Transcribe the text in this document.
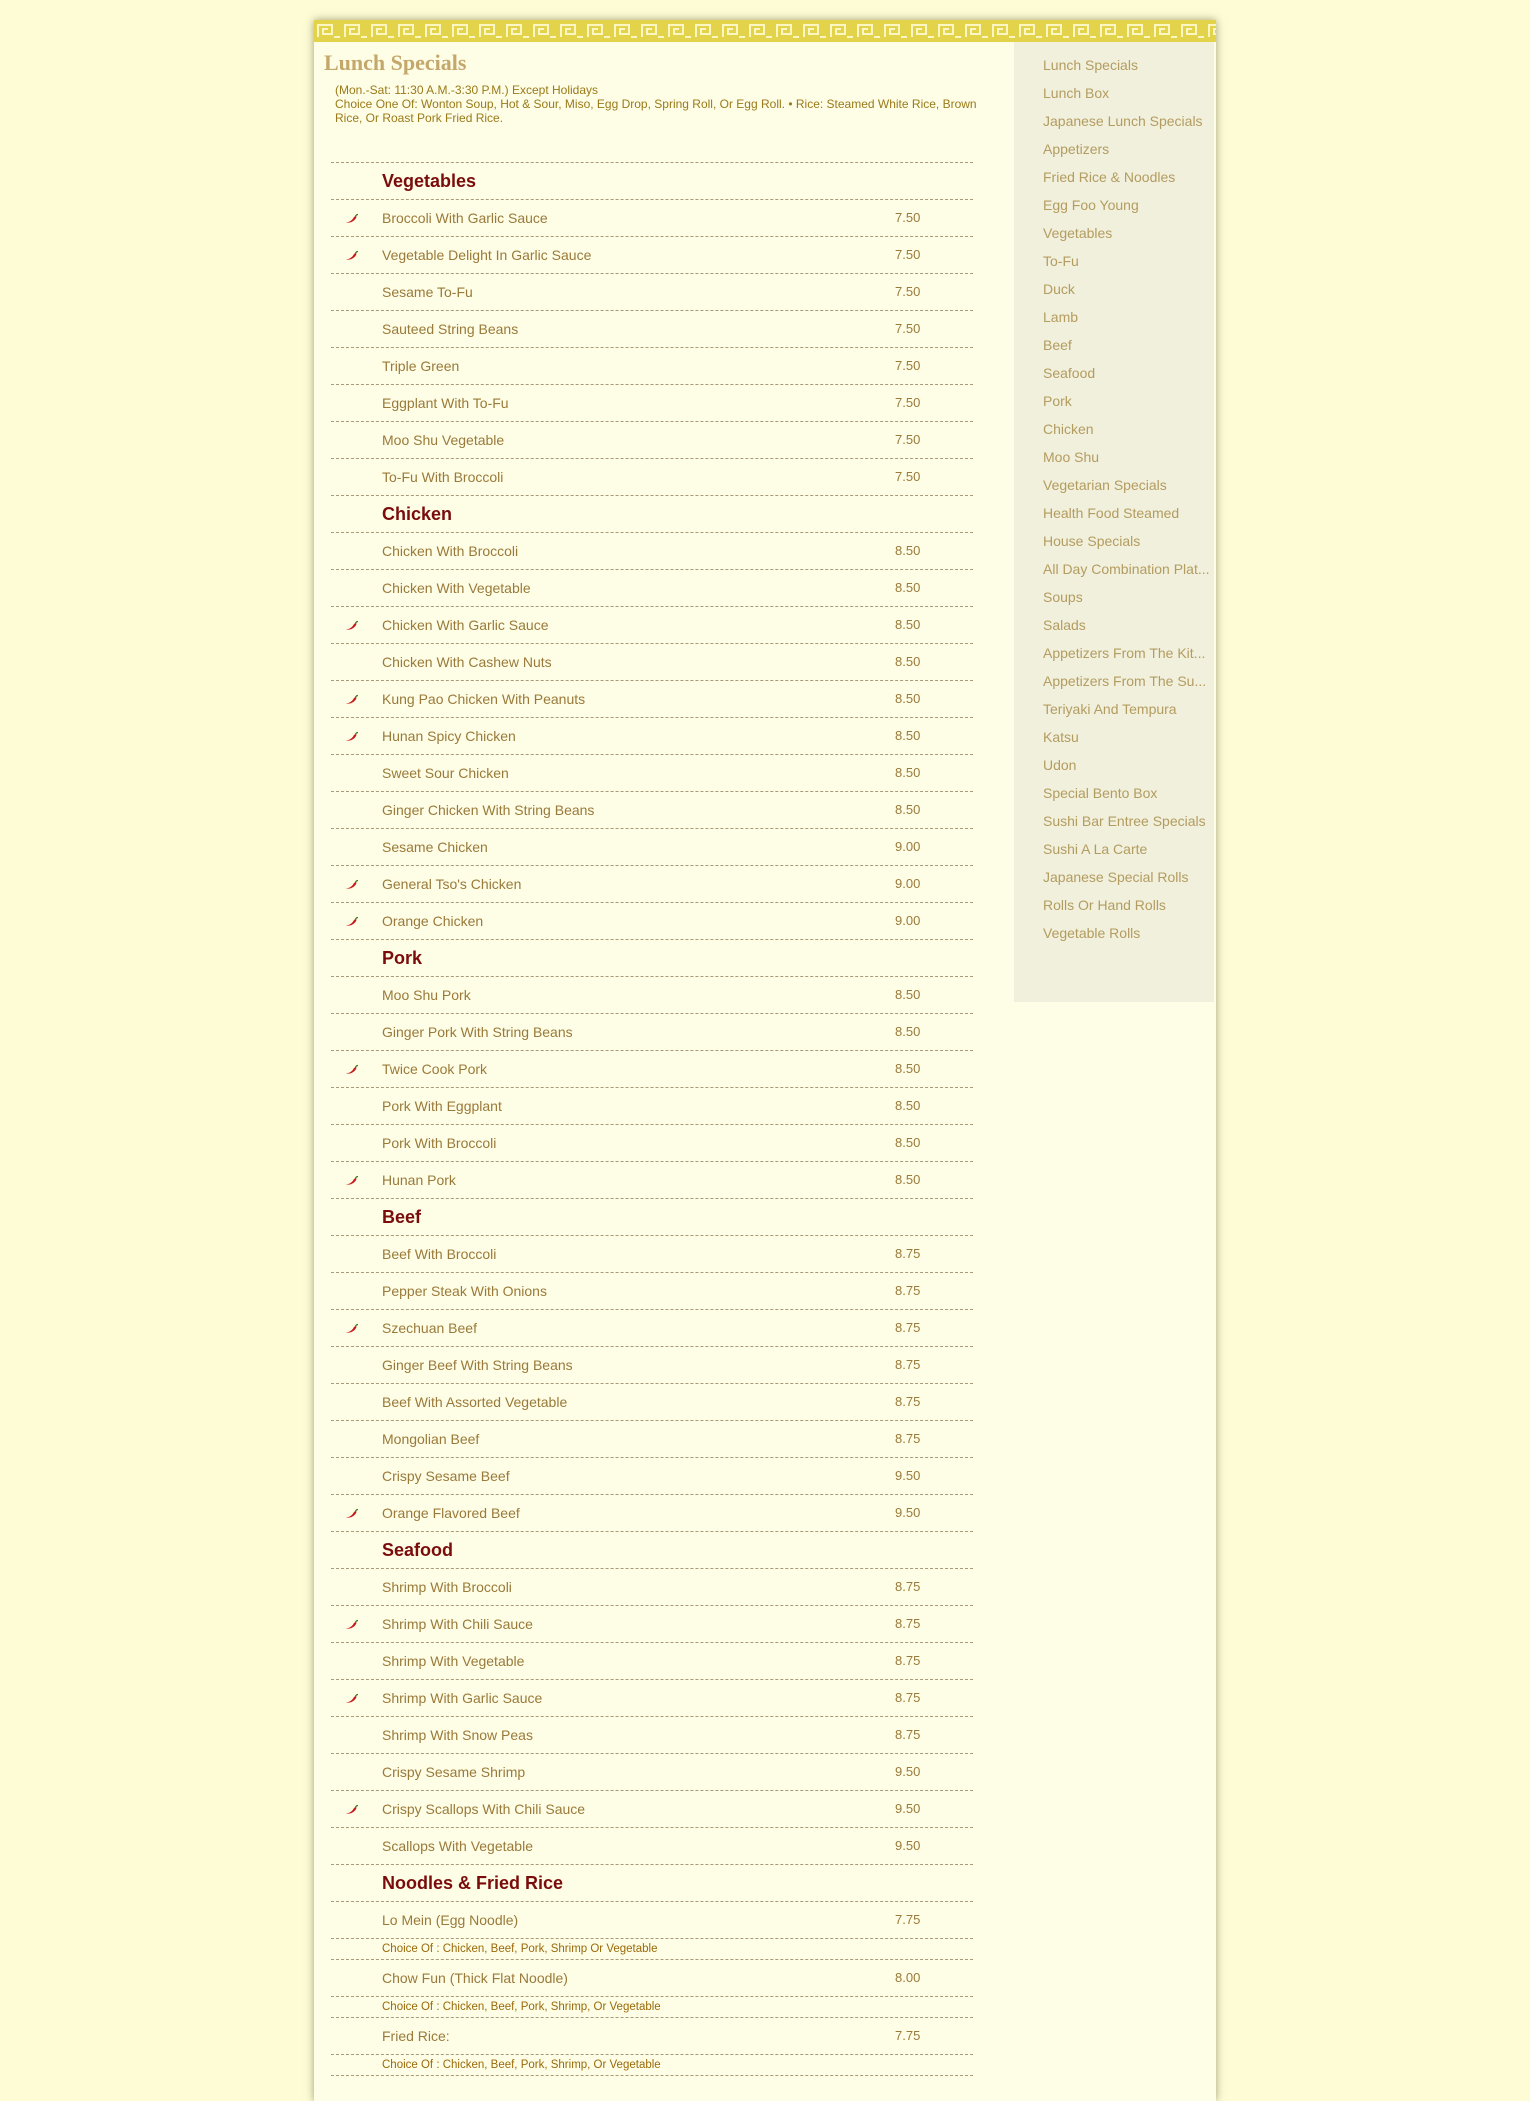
Lunch Specials
(Mon.-Sat: 11:30 A.M.-3:30 P.M.) Except Holidays
Choice One Of: Wonton Soup, Hot & Sour, Miso, Egg Drop, Spring Roll, Or Egg Roll. • Rice: Steamed White Rice, Brown Rice, Or Roast Pork Fried Rice.
Vegetables
Broccoli With Garlic Sauce	7.50
Vegetable Delight In Garlic Sauce	7.50
Sesame To-Fu	7.50
Sauteed String Beans	7.50
Triple Green	7.50
Eggplant With To-Fu	7.50
Moo Shu Vegetable	7.50
To-Fu With Broccoli	7.50
Chicken
Chicken With Broccoli	8.50
Chicken With Vegetable	8.50
Chicken With Garlic Sauce	8.50
Chicken With Cashew Nuts	8.50
Kung Pao Chicken With Peanuts	8.50
Hunan Spicy Chicken	8.50
Sweet Sour Chicken	8.50
Ginger Chicken With String Beans	8.50
Sesame Chicken	9.00
General Tso's Chicken	9.00
Orange Chicken	9.00
Pork
Moo Shu Pork	8.50
Ginger Pork With String Beans	8.50
Twice Cook Pork	8.50
Pork With Eggplant	8.50
Pork With Broccoli	8.50
Hunan Pork	8.50
Beef
Beef With Broccoli	8.75
Pepper Steak With Onions	8.75
Szechuan Beef	8.75
Ginger Beef With String Beans	8.75
Beef With Assorted Vegetable	8.75
Mongolian Beef	8.75
Crispy Sesame Beef	9.50
Orange Flavored Beef	9.50
Seafood
Shrimp With Broccoli	8.75
Shrimp With Chili Sauce	8.75
Shrimp With Vegetable	8.75
Shrimp With Garlic Sauce	8.75
Shrimp With Snow Peas	8.75
Crispy Sesame Shrimp	9.50
Crispy Scallops With Chili Sauce	9.50
Scallops With Vegetable	9.50
Noodles & Fried Rice
Lo Mein (Egg Noodle)	7.75
Choice Of : Chicken, Beef, Pork, Shrimp Or Vegetable
Chow Fun (Thick Flat Noodle)	8.00
Choice Of : Chicken, Beef, Pork, Shrimp, Or Vegetable
Fried Rice:	7.75
Choice Of : Chicken, Beef, Pork, Shrimp, Or Vegetable
Lunch Specials
Lunch Box
Japanese Lunch Specials
Appetizers
Fried Rice & Noodles
Egg Foo Young
Vegetables
To-Fu
Duck
Lamb
Beef
Seafood
Pork
Chicken
Moo Shu
Vegetarian Specials
Health Food Steamed
House Specials
All Day Combination Plat...
Soups
Salads
Appetizers From The Kit...
Appetizers From The Su...
Teriyaki And Tempura
Katsu
Udon
Special Bento Box
Sushi Bar Entree Specials
Sushi A La Carte
Japanese Special Rolls
Rolls Or Hand Rolls
Vegetable Rolls
